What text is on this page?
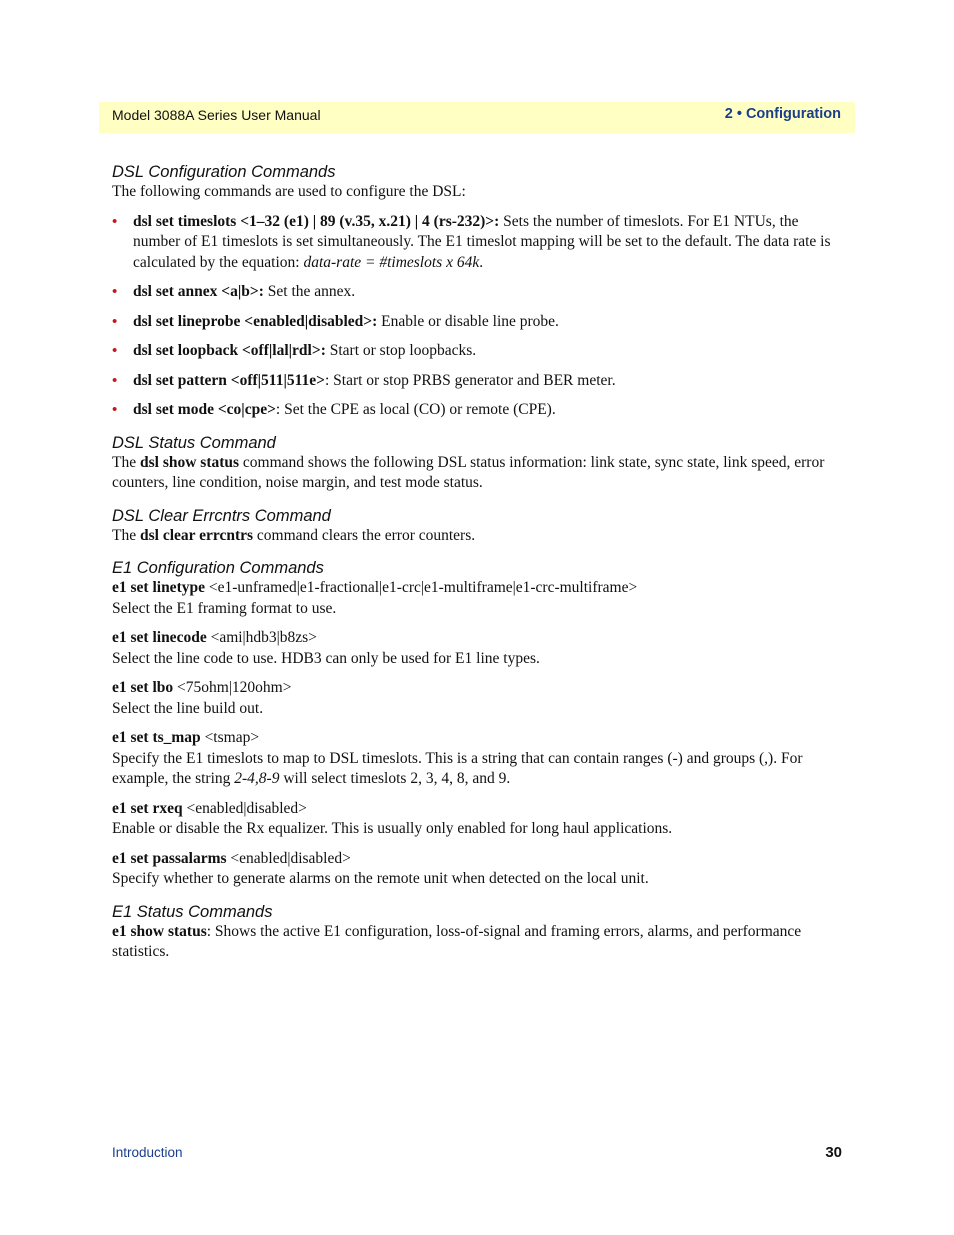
Model 3088A Series User Manual	2 • Configuration
DSL Configuration Commands

The following commands are used to configure the DSL:

• dsl set timeslots <1–32 (e1) | 89 (v.35, x.21) | 4 (rs-232)>: Sets the number of timeslots. For E1 NTUs, the number of E1 timeslots is set simultaneously. The E1 timeslot mapping will be set to the default. The data rate is calculated by the equation: data-rate = #timeslots x 64k.
• dsl set annex <a|b>: Set the annex.
• dsl set lineprobe <enabled|disabled>: Enable or disable line probe.
• dsl set loopback <off|lal|rdl>: Start or stop loopbacks.
• dsl set pattern <off|511|511e>: Start or stop PRBS generator and BER meter.
• dsl set mode <co|cpe>: Set the CPE as local (CO) or remote (CPE).
DSL Status Command

The dsl show status command shows the following DSL status information: link state, sync state, link speed, error counters, line condition, noise margin, and test mode status.

DSL Clear Errcntrs Command

The dsl clear errcntrs command clears the error counters.

E1 Configuration Commands

e1 set linetype <e1-unframed|e1-fractional|e1-crc|e1-multiframe|e1-crc-multiframe>

Select the E1 framing format to use.

e1 set linecode <ami|hdb3|b8zs>

Select the line code to use. HDB3 can only be used for E1 line types.

e1 set lbo <75ohm|120ohm>

Select the line build out.

e1 set ts_map <tsmap>

Specify the E1 timeslots to map to DSL timeslots. This is a string that can contain ranges (-) and groups (,). For example, the string 2-4,8-9 will select timeslots 2, 3, 4, 8, and 9.

e1 set rxeq <enabled|disabled>

Enable or disable the Rx equalizer. This is usually only enabled for long haul applications.

e1 set passalarms <enabled|disabled>

Specify whether to generate alarms on the remote unit when detected on the local unit.

E1 Status Commands

e1 show status: Shows the active E1 configuration, loss-of-signal and framing errors, alarms, and performance statistics.

Introduction	30
